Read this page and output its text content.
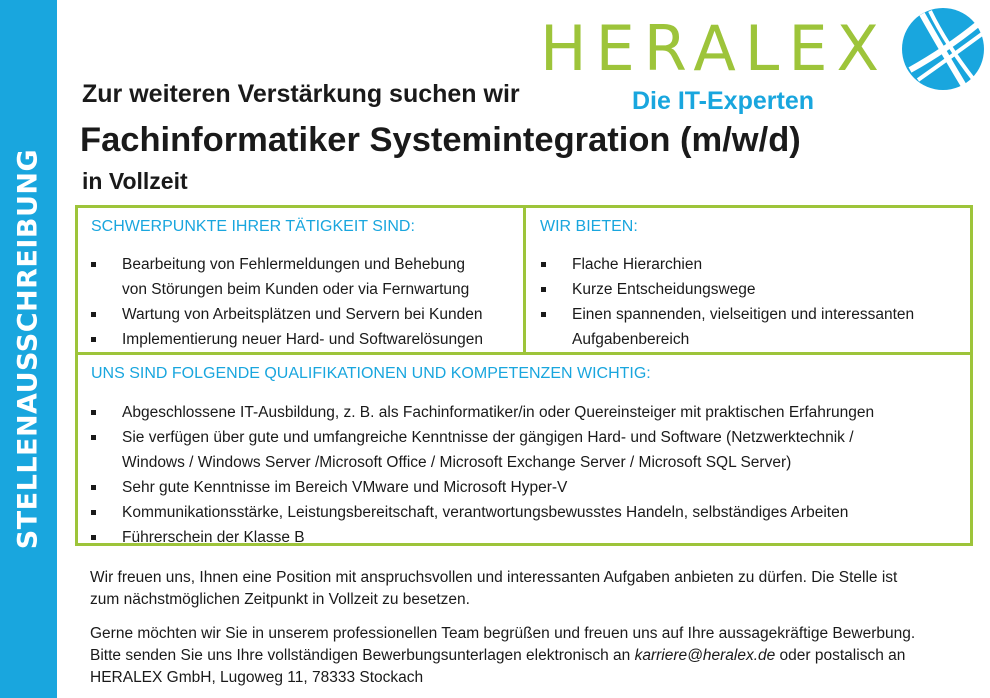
STELLENAUSSCHREIBUNG
HERALEX
Die IT-Experten
Zur weiteren Verstärkung suchen wir
Fachinformatiker Systemintegration (m/w/d)
in Vollzeit
SCHWERPUNKTE IHRER TÄTIGKEIT SIND:
Bearbeitung von Fehlermeldungen und Behebung
von Störungen beim Kunden oder via Fernwartung
Wartung von Arbeitsplätzen und Servern bei Kunden
Implementierung neuer Hard- und Softwarelösungen
WIR BIETEN:
Flache Hierarchien
Kurze Entscheidungswege
Einen spannenden, vielseitigen und interessanten
Aufgabenbereich
UNS SIND FOLGENDE QUALIFIKATIONEN UND KOMPETENZEN WICHTIG:
Abgeschlossene IT-Ausbildung, z. B. als Fachinformatiker/in oder Quereinsteiger mit praktischen Erfahrungen
Sie verfügen über gute und umfangreiche Kenntnisse der gängigen Hard- und Software (Netzwerktechnik /
Windows / Windows Server /Microsoft Office / Microsoft Exchange Server / Microsoft SQL Server)
Sehr gute Kenntnisse im Bereich VMware und Microsoft Hyper-V
Kommunikationsstärke, Leistungsbereitschaft, verantwortungsbewusstes Handeln, selbständiges Arbeiten
Führerschein der Klasse B

Wir freuen uns, Ihnen eine Position mit anspruchsvollen und interessanten Aufgaben anbieten zu dürfen. Die Stelle ist
zum nächstmöglichen Zeitpunkt in Vollzeit zu besetzen.

Gerne möchten wir Sie in unserem professionellen Team begrüßen und freuen uns auf Ihre aussagekräftige Bewerbung.
Bitte senden Sie uns Ihre vollständigen Bewerbungsunterlagen elektronisch an karriere@heralex.de oder postalisch an
HERALEX GmbH, Lugoweg 11, 78333 Stockach
